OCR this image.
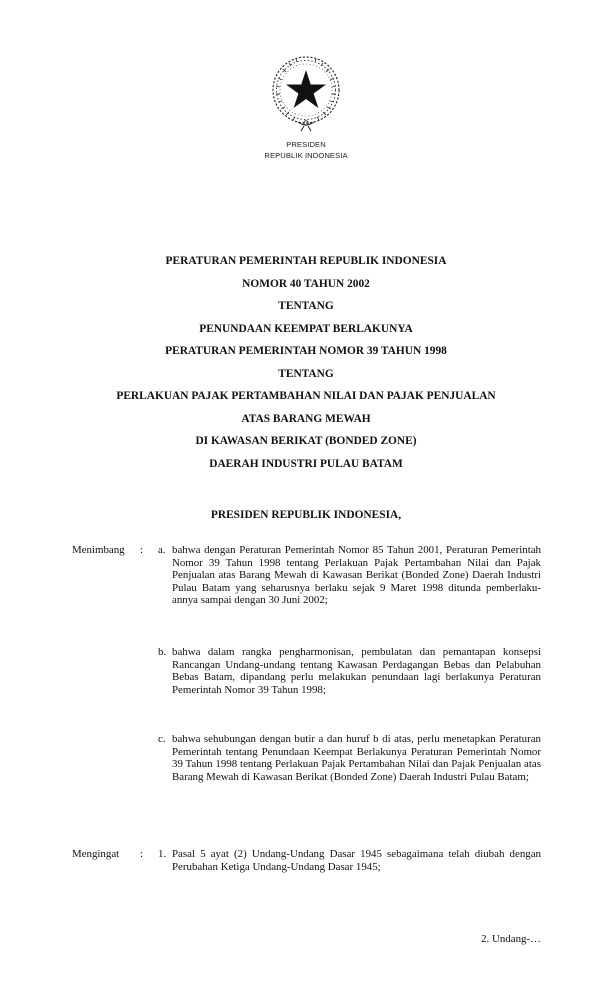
PRESIDEN
REPUBLIK INDONESIA
PERATURAN PEMERINTAH REPUBLIK INDONESIA
NOMOR 40 TAHUN 2002
TENTANG
PENUNDAAN KEEMPAT BERLAKUNYA
PERATURAN PEMERINTAH NOMOR 39 TAHUN 1998
TENTANG
PERLAKUAN PAJAK PERTAMBAHAN NILAI DAN PAJAK PENJUALAN
ATAS BARANG MEWAH
DI KAWASAN BERIKAT (BONDED ZONE)
DAERAH INDUSTRI PULAU BATAM
PRESIDEN REPUBLIK INDONESIA,
Menimbang : a. bahwa dengan Peraturan Pemerintah Nomor 85 Tahun 2001, Peraturan Pemerintah Nomor 39 Tahun 1998 tentang Perlakuan Pajak Pertambahan Nilai dan Pajak Penjualan atas Barang Mewah di Kawasan Berikat (Bonded Zone) Daerah Industri Pulau Batam yang seharusnya berlaku sejak 9 Maret 1998 ditunda pemberlaku-annya sampai dengan 30 Juni 2002;
b. bahwa dalam rangka pengharmonisan, pembulatan dan pemantapan konsepsi Rancangan Undang-undang tentang Kawasan Perdagangan Bebas dan Pelabuhan Bebas Batam, dipandang perlu melakukan penundaan lagi berlakunya Peraturan Pemerintah Nomor 39 Tahun 1998;
c. bahwa sehubungan dengan butir a dan huruf b di atas, perlu menetapkan Peraturan Pemerintah tentang Penundaan Keempat Berlakunya Peraturan Pemerintah Nomor 39 Tahun 1998 tentang Perlakuan Pajak Pertambahan Nilai dan Pajak Penjualan atas Barang Mewah di Kawasan Berikat (Bonded Zone) Daerah Industri Pulau Batam;
Mengingat : 1. Pasal 5 ayat (2) Undang-Undang Dasar 1945 sebagaimana telah diubah dengan Perubahan Ketiga Undang-Undang Dasar 1945;
2. Undang-…
